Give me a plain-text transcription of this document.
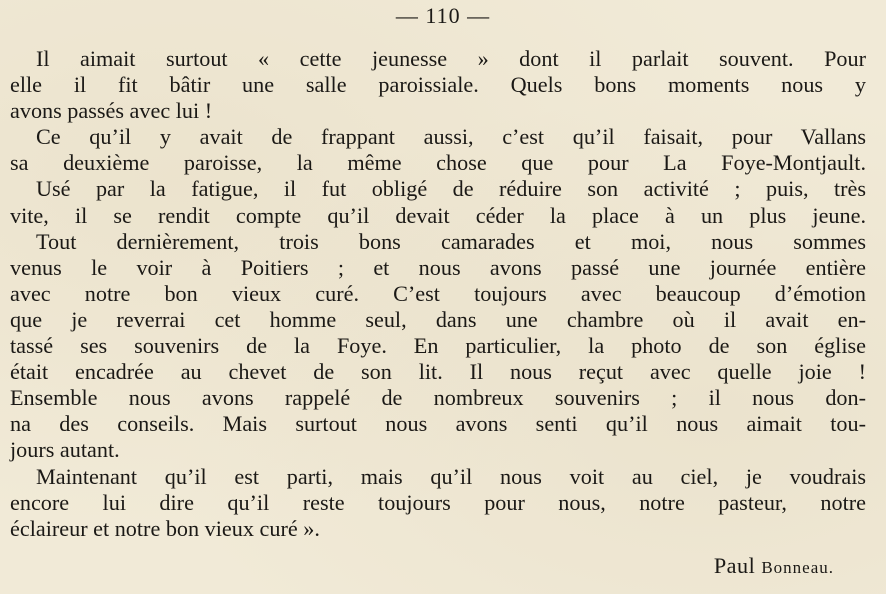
— 110 —

Il aimait surtout « cette jeunesse » dont il parlait souvent. Pour
elle il fit bâtir une salle paroissiale. Quels bons moments nous y
avons passés avec lui !

Ce qu’il y avait de frappant aussi, c’est qu’il faisait, pour Vallans
sa deuxième paroisse, la même chose que pour La Foye-Montjault.

Usé par la fatigue, il fut obligé de réduire son activité ; puis, très
vite, il se rendit compte qu’il devait céder la place à un plus jeune.

Tout dernièrement, trois bons camarades et moi, nous sommes
venus le voir à Poitiers ; et nous avons passé une journée entière
avec notre bon vieux curé. C’est toujours avec beaucoup d’émotion
que je reverrai cet homme seul, dans une chambre où il avait en-
tassé ses souvenirs de la Foye. En particulier, la photo de son église
était encadrée au chevet de son lit. Il nous reçut avec quelle joie !
Ensemble nous avons rappelé de nombreux souvenirs ; il nous don-
na des conseils. Mais surtout nous avons senti qu’il nous aimait tou-
jours autant.

Maintenant qu’il est parti, mais qu’il nous voit au ciel, je voudrais
encore lui dire qu’il reste toujours pour nous, notre pasteur, notre
éclaireur et notre bon vieux curé ».

Paul Bonneau.
